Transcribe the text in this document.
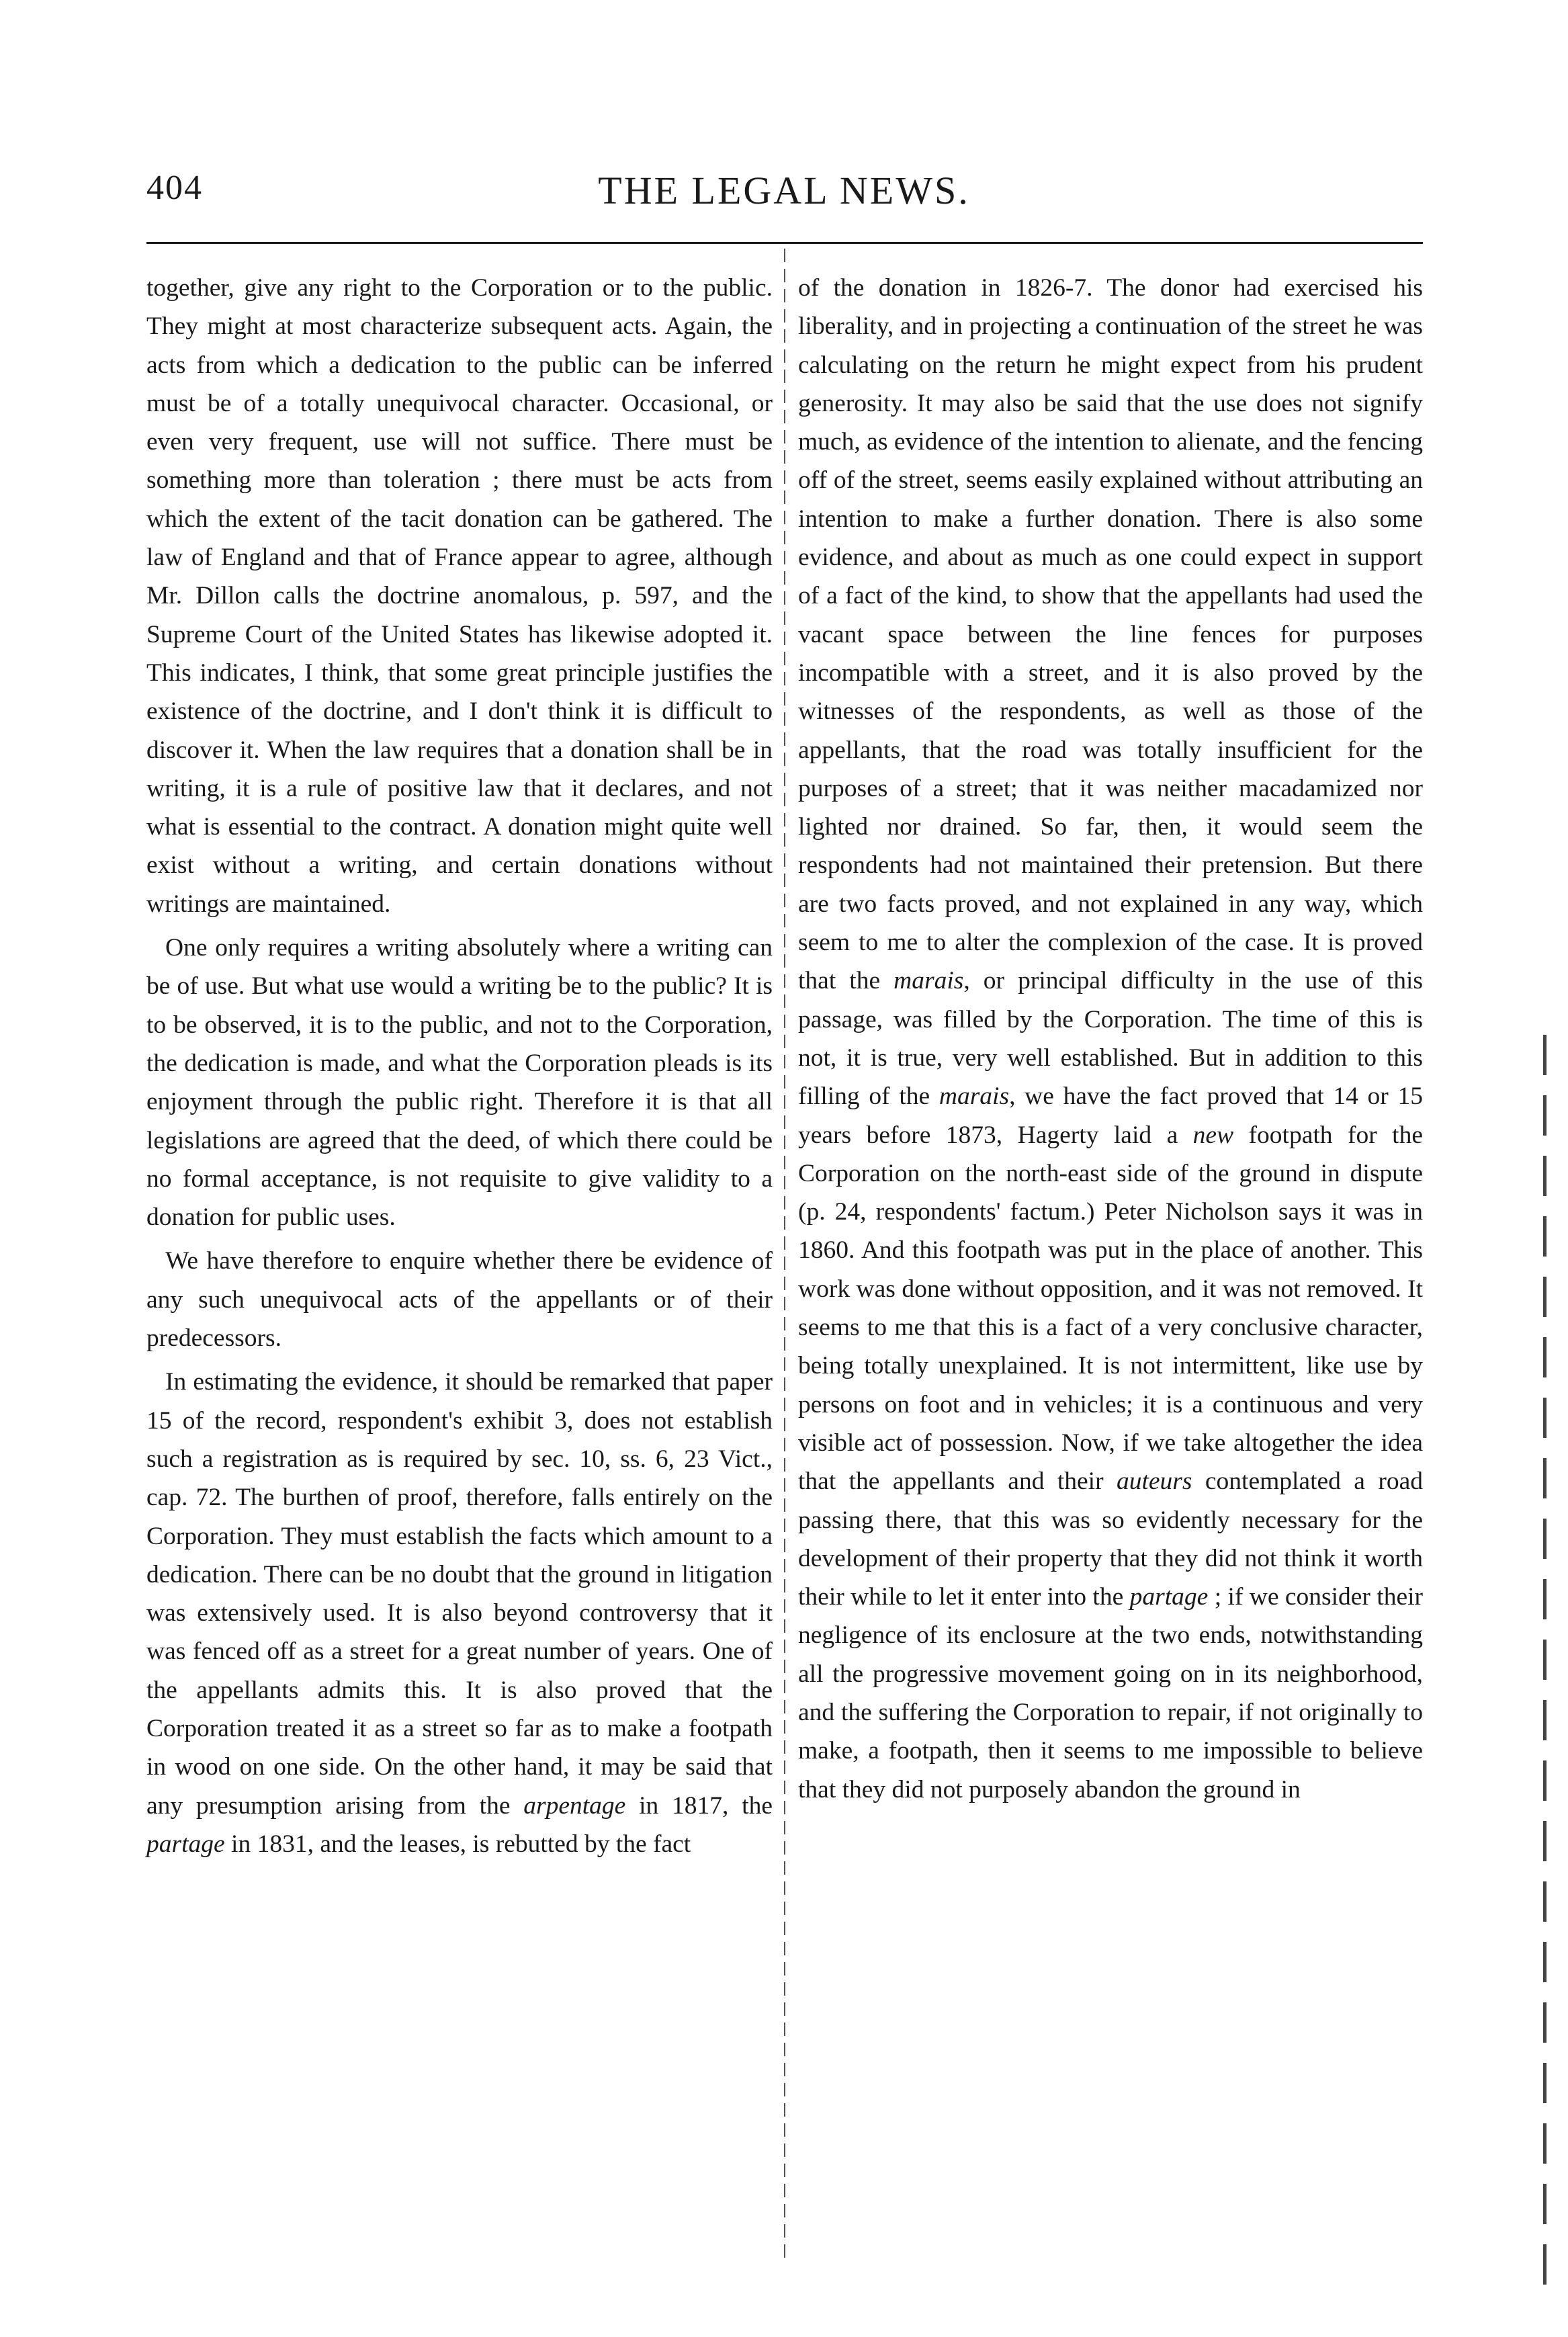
404	THE LEGAL NEWS.

together, give any right to the Corporation or to the public. They might at most characterize subsequent acts. Again, the acts from which a dedication to the public can be inferred must be of a totally unequivocal character. Occasional, or even very frequent, use will not suffice. There must be something more than toleration ; there must be acts from which the extent of the tacit donation can be gathered. The law of England and that of France appear to agree, although Mr. Dillon calls the doctrine anomalous, p. 597, and the Supreme Court of the United States has likewise adopted it. This indicates, I think, that some great principle justifies the existence of the doctrine, and I don't think it is difficult to discover it. When the law requires that a donation shall be in writing, it is a rule of positive law that it declares, and not what is essential to the contract. A donation might quite well exist without a writing, and certain donations without writings are maintained.

One only requires a writing absolutely where a writing can be of use. But what use would a writing be to the public? It is to be observed, it is to the public, and not to the Corporation, the dedication is made, and what the Corporation pleads is its enjoyment through the public right. Therefore it is that all legislations are agreed that the deed, of which there could be no formal acceptance, is not requisite to give validity to a donation for public uses.

We have therefore to enquire whether there be evidence of any such unequivocal acts of the appellants or of their predecessors.

In estimating the evidence, it should be remarked that paper 15 of the record, respondent's exhibit 3, does not establish such a registration as is required by sec. 10, ss. 6, 23 Vict., cap. 72. The burthen of proof, therefore, falls entirely on the Corporation. They must establish the facts which amount to a dedication. There can be no doubt that the ground in litigation was extensively used. It is also beyond controversy that it was fenced off as a street for a great number of years. One of the appellants admits this. It is also proved that the Corporation treated it as a street so far as to make a footpath in wood on one side. On the other hand, it may be said that any presumption arising from the arpentage in 1817, the partage in 1831, and the leases, is rebutted by the fact

of the donation in 1826-7. The donor had exercised his liberality, and in projecting a continuation of the street he was calculating on the return he might expect from his prudent generosity. It may also be said that the use does not signify much, as evidence of the intention to alienate, and the fencing off of the street, seems easily explained without attributing an intention to make a further donation. There is also some evidence, and about as much as one could expect in support of a fact of the kind, to show that the appellants had used the vacant space between the line fences for purposes incompatible with a street, and it is also proved by the witnesses of the respondents, as well as those of the appellants, that the road was totally insufficient for the purposes of a street; that it was neither macadamized nor lighted nor drained. So far, then, it would seem the respondents had not maintained their pretension. But there are two facts proved, and not explained in any way, which seem to me to alter the complexion of the case. It is proved that the marais, or principal difficulty in the use of this passage, was filled by the Corporation. The time of this is not, it is true, very well established. But in addition to this filling of the marais, we have the fact proved that 14 or 15 years before 1873, Hagerty laid a new footpath for the Corporation on the north-east side of the ground in dispute (p. 24, respondents' factum.) Peter Nicholson says it was in 1860. And this footpath was put in the place of another. This work was done without opposition, and it was not removed. It seems to me that this is a fact of a very conclusive character, being totally unexplained. It is not intermittent, like use by persons on foot and in vehicles; it is a continuous and very visible act of possession. Now, if we take altogether the idea that the appellants and their auteurs contemplated a road passing there, that this was so evidently necessary for the development of their property that they did not think it worth their while to let it enter into the partage ; if we consider their negligence of its enclosure at the two ends, notwithstanding all the progressive movement going on in its neighborhood, and the suffering the Corporation to repair, if not originally to make, a footpath, then it seems to me impossible to believe that they did not purposely abandon the ground in
